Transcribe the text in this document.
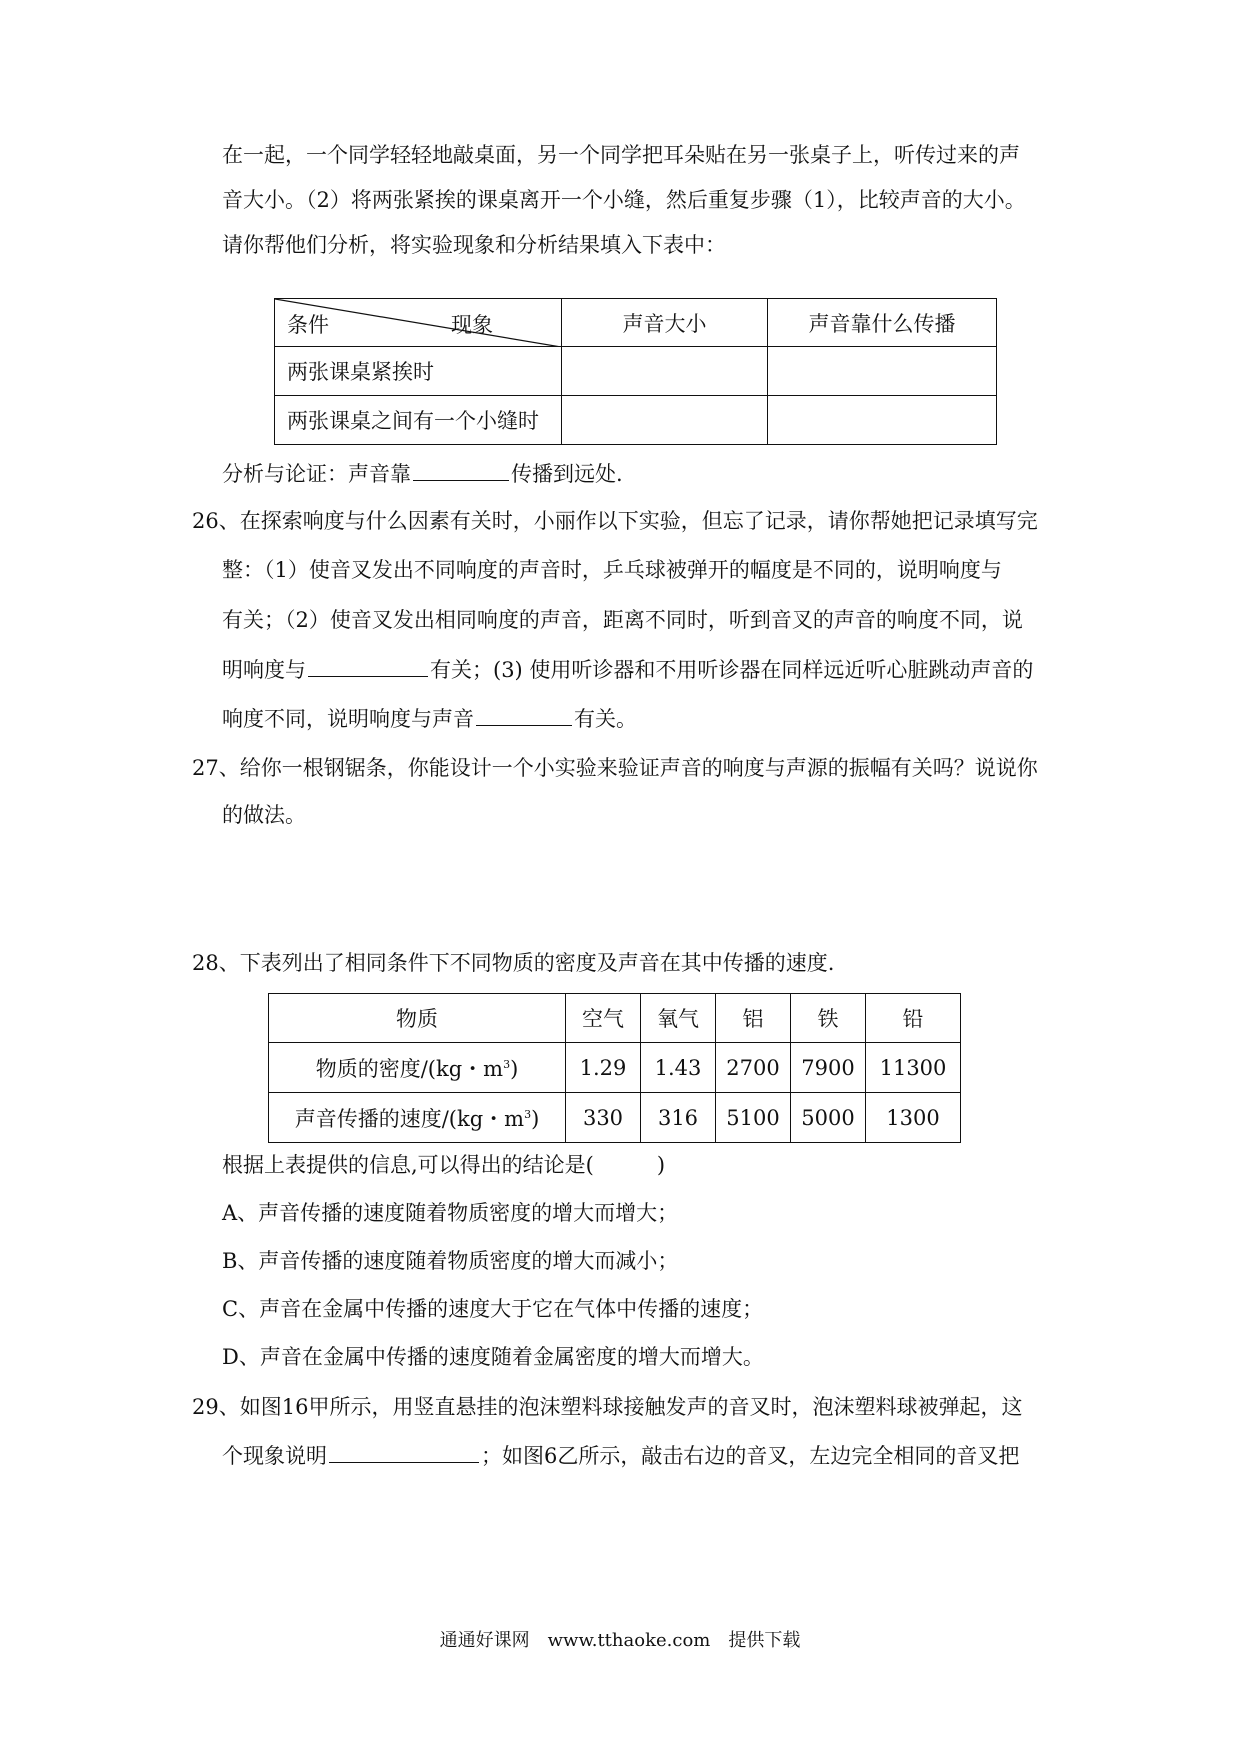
在一起，一个同学轻轻地敲桌面，另一个同学把耳朵贴在另一张桌子上，听传过来的声
音大小。（2）将两张紧挨的课桌离开一个小缝，然后重复步骤（1），比较声音的大小。
请你帮他们分析，将实验现象和分析结果填入下表中：
条件 现象	声音大小	声音靠什么传播
两张课桌紧挨时		
两张课桌之间有一个小缝时		
分析与论证：声音靠	传播到远处.
26、在探索响度与什么因素有关时，小丽作以下实验，但忘了记录，请你帮她把记录填写完
整：（1）使音叉发出不同响度的声音时，乒乓球被弹开的幅度是不同的，说明响度与
有关；（2）使音叉发出相同响度的声音，距离不同时，听到音叉的声音的响度不同，说
明响度与	有关；(3) 使用听诊器和不用听诊器在同样远近听心脏跳动声音的
响度不同，说明响度与声音	有关。
27、给你一根钢锯条，你能设计一个小实验来验证声音的响度与声源的振幅有关吗？说说你
的做法。
28、下表列出了相同条件下不同物质的密度及声音在其中传播的速度.
物质	空气	氧气	铝	铁	铅
物质的密度/(kg・$m^3$)	1.29	1.43	2700	7900	11300
声音传播的速度/(kg・$m^3$)	330	316	5100	5000	1300
根据上表提供的信息,可以得出的结论是(　　　)
A、声音传播的速度随着物质密度的增大而增大；
B、声音传播的速度随着物质密度的增大而减小；
C、声音在金属中传播的速度大于它在气体中传播的速度；
D、声音在金属中传播的速度随着金属密度的增大而增大。
29、如图16甲所示，用竖直悬挂的泡沫塑料球接触发声的音叉时，泡沫塑料球被弹起，这
个现象说明	；如图6乙所示，敲击右边的音叉，左边完全相同的音叉把
通通好课网　www.tthaoke.com　提供下载
